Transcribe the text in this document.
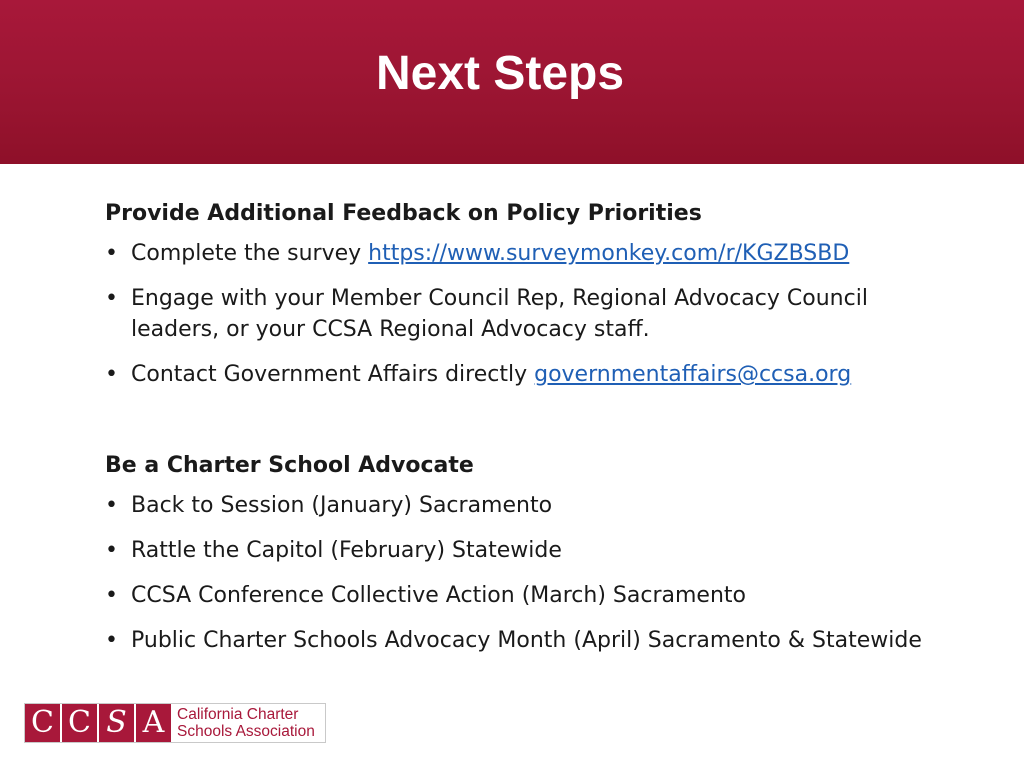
Next Steps

Provide Additional Feedback on Policy Priorities

• Complete the survey https://www.surveymonkey.com/r/KGZBSBD
• Engage with your Member Council Rep, Regional Advocacy Council leaders, or your CCSA Regional Advocacy staff.
• Contact Government Affairs directly governmentaffairs@ccsa.org

Be a Charter School Advocate

• Back to Session (January) Sacramento
• Rattle the Capitol (February) Statewide
• CCSA Conference Collective Action (March) Sacramento
• Public Charter Schools Advocacy Month (April) Sacramento & Statewide
C C S A California Charter
Schools Association
